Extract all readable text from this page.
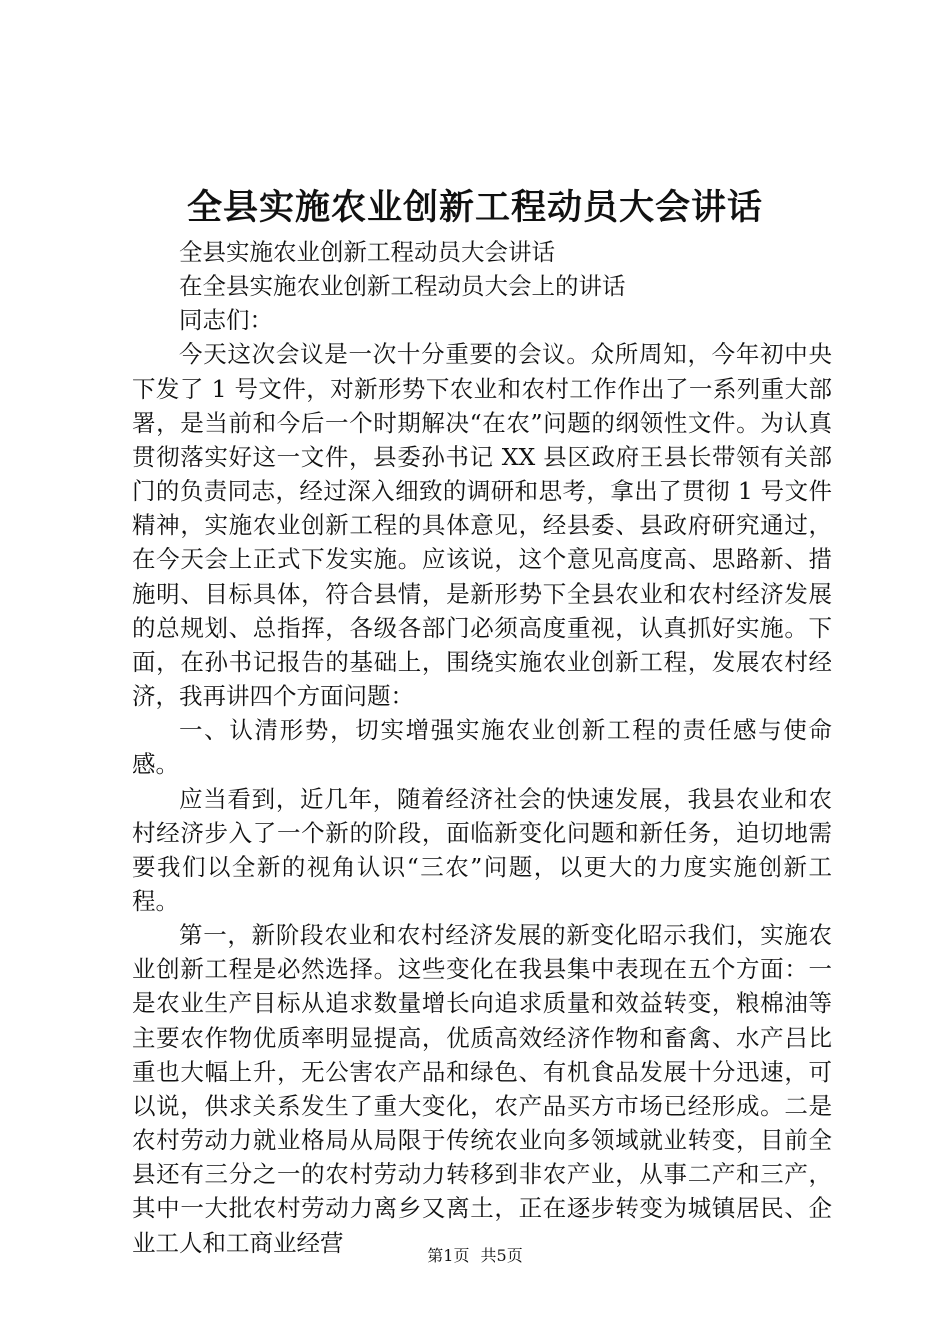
全县实施农业创新工程动员大会讲话

全县实施农业创新工程动员大会讲话

在全县实施农业创新工程动员大会上的讲话

同志们：

今天这次会议是一次十分重要的会议。众所周知，今年初中央下发了 1 号文件，对新形势下农业和农村工作作出了一系列重大部署，是当前和今后一个时期解决“在农”问题的纲领性文件。为认真贯彻落实好这一文件，县委孙书记 XX 县区政府王县长带领有关部门的负责同志，经过深入细致的调研和思考，拿出了贯彻 1 号文件精神，实施农业创新工程的具体意见，经县委、县政府研究通过，在今天会上正式下发实施。应该说，这个意见高度高、思路新、措施明、目标具体，符合县情，是新形势下全县农业和农村经济发展的总规划、总指挥，各级各部门必须高度重视，认真抓好实施。下面，在孙书记报告的基础上，围绕实施农业创新工程，发展农村经济，我再讲四个方面问题：

一、认清形势，切实增强实施农业创新工程的责任感与使命感。

应当看到，近几年，随着经济社会的快速发展，我县农业和农村经济步入了一个新的阶段，面临新变化问题和新任务，迫切地需要我们以全新的视角认识“三农”问题，以更大的力度实施创新工程。

第一，新阶段农业和农村经济发展的新变化昭示我们，实施农业创新工程是必然选择。这些变化在我县集中表现在五个方面：一是农业生产目标从追求数量增长向追求质量和效益转变，粮棉油等主要农作物优质率明显提高，优质高效经济作物和畜禽、水产吕比重也大幅上升，无公害农产品和绿色、有机食品发展十分迅速，可以说，供求关系发生了重大变化，农产品买方市场已经形成。二是农村劳动力就业格局从局限于传统农业向多领域就业转变，目前全县还有三分之一的农村劳动力转移到非农产业，从事二产和三产，其中一大批农村劳动力离乡又离土，正在逐步转变为城镇居民、企业工人和工商业经营	第1页 共5页
